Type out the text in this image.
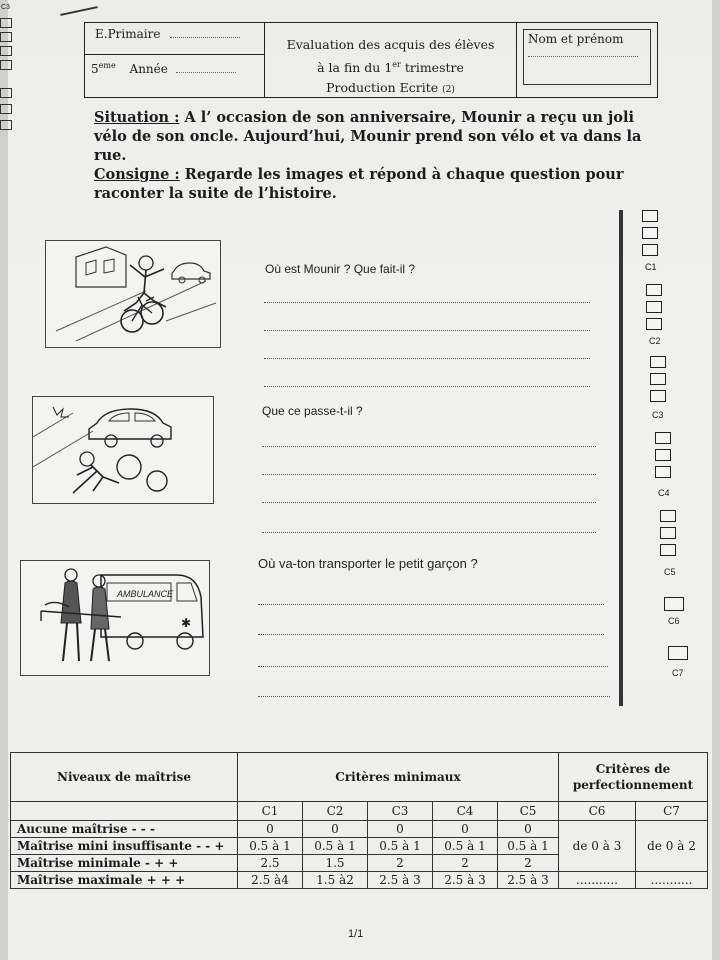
C3
E.Primaire
5eme Année
Evaluation des acquis des élèves
à la fin du 1er trimestre
Production Ecrite (2)
Nom et prénom
Situation : A l’ occasion de son anniversaire, Mounir a reçu un joli vélo de son oncle. Aujourd’hui, Mounir prend son vélo et va dans la rue.
Consigne : Regarde les images et répond à chaque question pour raconter la suite de l’histoire.
Où est Mounir ? Que fait-il ?
Que ce passe-t-il ?
AMBULANCE
✱
Où va-ton transporter le petit garçon ?
C1
C2
C3
C4
C5
C6
C7
Niveaux de maîtrise	Critères minimaux					Critères de perfectionnement	

	C1	C2	C3	C4	C5	C6	C7
Aucune maîtrise - - -	0	0	0	0	0	de 0 à 3	de 0 à 2
Maîtrise mini insuffisante - - +	0.5 à 1	0.5 à 1	0.5 à 1	0.5 à 1	0.5 à 1		
Maîtrise minimale - + +	2.5	1.5	2	2	2		
Maîtrise maximale + + +	2.5 à4	1.5 à2	2.5 à 3	2.5 à 3	2.5 à 3	...........	...........
1/1
